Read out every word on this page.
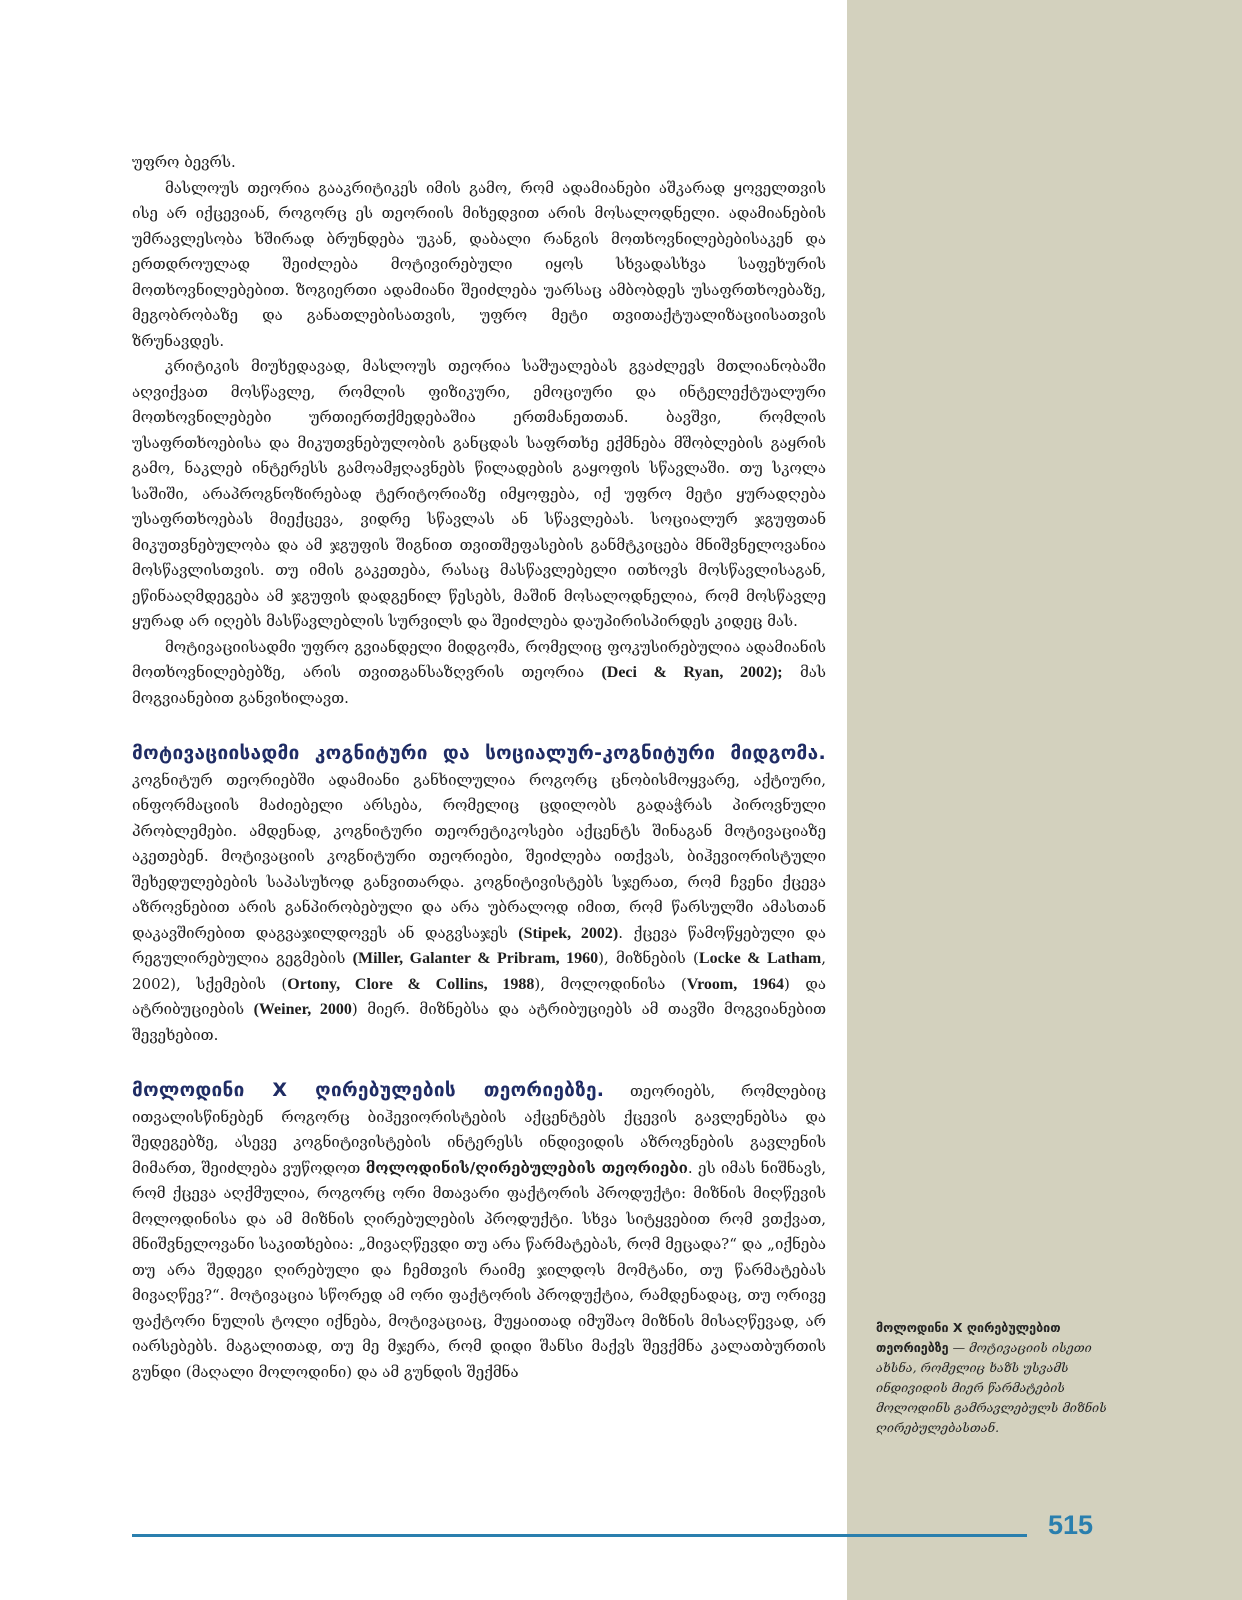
უფრო ბევრს.

მასლოუს თეორია გააკრიტიკეს იმის გამო, რომ ადამიანები აშკარად ყოველთვის ისე არ იქცევიან, როგორც ეს თეორიის მიხედვით არის მოსალოდნელი. ადამიანების უმრავლესობა ხშირად ბრუნდება უკან, დაბალი რანგის მოთხოვნილებებისაკენ და ერთდროულად შეიძლება მოტივირებული იყოს სხვადასხვა საფეხურის მოთხოვნილებებით. ზოგიერთი ადამიანი შეიძლება უარსაც ამბობდეს უსაფრთხოებაზე, მეგობრობაზე და განათლებისათვის, უფრო მეტი თვითაქტუალიზაციისათვის ზრუნავდეს.

კრიტიკის მიუხედავად, მასლოუს თეორია საშუალებას გვაძლევს მთლიანობაში აღვიქვათ მოსწავლე, რომლის ფიზიკური, ემოციური და ინტელექტუალური მოთხოვნილებები ურთიერთქმედებაშია ერთმანეთთან. ბავშვი, რომლის უსაფრთხოებისა და მიკუთვნებულობის განცდას საფრთხე ექმნება მშობლების გაყრის გამო, ნაკლებ ინტერესს გამოამჟღავნებს წილადების გაყოფის სწავლაში. თუ სკოლა საშიში, არაპროგნოზირებად ტერიტორიაზე იმყოფება, იქ უფრო მეტი ყურადღება უსაფრთხოებას მიექცევა, ვიდრე სწავლას ან სწავლებას. სოციალურ ჯგუფთან მიკუთვნებულობა და ამ ჯგუფის შიგნით თვითშეფასების განმტკიცება მნიშვნელოვანია მოსწავლისთვის. თუ იმის გაკეთება, რასაც მასწავლებელი ითხოვს მოსწავლისაგან, ეწინააღმდეგება ამ ჯგუფის დადგენილ წესებს, მაშინ მოსალოდნელია, რომ მოსწავლე ყურად არ იღებს მასწავლებლის სურვილს და შეიძლება დაუპირისპირდეს კიდეც მას.

მოტივაციისადმი უფრო გვიანდელი მიდგომა, რომელიც ფოკუსირებულია ადამიანის მოთხოვნილებებზე, არის თვითგანსაზღვრის თეორია (Deci & Ryan, 2002); მას მოგვიანებით განვიხილავთ.

მოტივაციისადმი კოგნიტური და სოციალურ-კოგნიტური მიდგომა. კოგნიტურ თეორიებში ადამიანი განხილულია როგორც ცნობისმოყვარე, აქტიური, ინფორმაციის მაძიებელი არსება, რომელიც ცდილობს გადაჭრას პიროვნული პრობლემები. ამდენად, კოგნიტური თეორეტიკოსები აქცენტს შინაგან მოტივაციაზე აკეთებენ. მოტივაციის კოგნიტური თეორიები, შეიძლება ითქვას, ბიჰევიორისტული შეხედულებების საპასუხოდ განვითარდა. კოგნიტივისტებს სჯერათ, რომ ჩვენი ქცევა აზროვნებით არის განპირობებული და არა უბრალოდ იმით, რომ წარსულში ამასთან დაკავშირებით დაგვაჯილდოვეს ან დაგვსაჯეს (Stipek, 2002). ქცევა წამოწყებული და რეგულირებულია გეგმების (Miller, Galanter & Pribram, 1960), მიზნების (Locke & Latham, 2002), სქემების (Ortony, Clore & Collins, 1988), მოლოდინისა (Vroom, 1964) და ატრიბუციების (Weiner, 2000) მიერ. მიზნებსა და ატრიბუციებს ამ თავში მოგვიანებით შევეხებით.

მოლოდინი X ღირებულების თეორიებზე. თეორიებს, რომლებიც ითვალისწინებენ როგორც ბიჰევიორისტების აქცენტებს ქცევის გავლენებსა და შედეგებზე, ასევე კოგნიტივისტების ინტერესს ინდივიდის აზროვნების გავლენის მიმართ, შეიძლება ვუწოდოთ მოლოდინის/ღირებულების თეორიები. ეს იმას ნიშნავს, რომ ქცევა აღქმულია, როგორც ორი მთავარი ფაქტორის პროდუქტი: მიზნის მიღწევის მოლოდინისა და ამ მიზნის ღირებულების პროდუქტი. სხვა სიტყვებით რომ ვთქვათ, მნიშვნელოვანი საკითხებია: „მივაღწევდი თუ არა წარმატებას, რომ მეცადა?“ და „იქნება თუ არა შედეგი ღირებული და ჩემთვის რაიმე ჯილდოს მომტანი, თუ წარმატებას მივაღწევ?“. მოტივაცია სწორედ ამ ორი ფაქტორის პროდუქტია, რამდენადაც, თუ ორივე ფაქტორი ნულის ტოლი იქნება, მოტივაციაც, მუყაითად იმუშაო მიზნის მისაღწევად, არ იარსებებს. მაგალითად, თუ მე მჯერა, რომ დიდი შანსი მაქვს შევქმნა კალათბურთის გუნდი (მაღალი მოლოდინი) და ამ გუნდის შექმნა

მოლოდინი X ღირებულებით თეორიებზე — მოტივაციის ისეთი ახსნა, რომელიც ხაზს უსვამს ინდივიდის მიერ წარმატების მოლოდინს გამრავლებულს მიზნის ღირებულებასთან.
515
